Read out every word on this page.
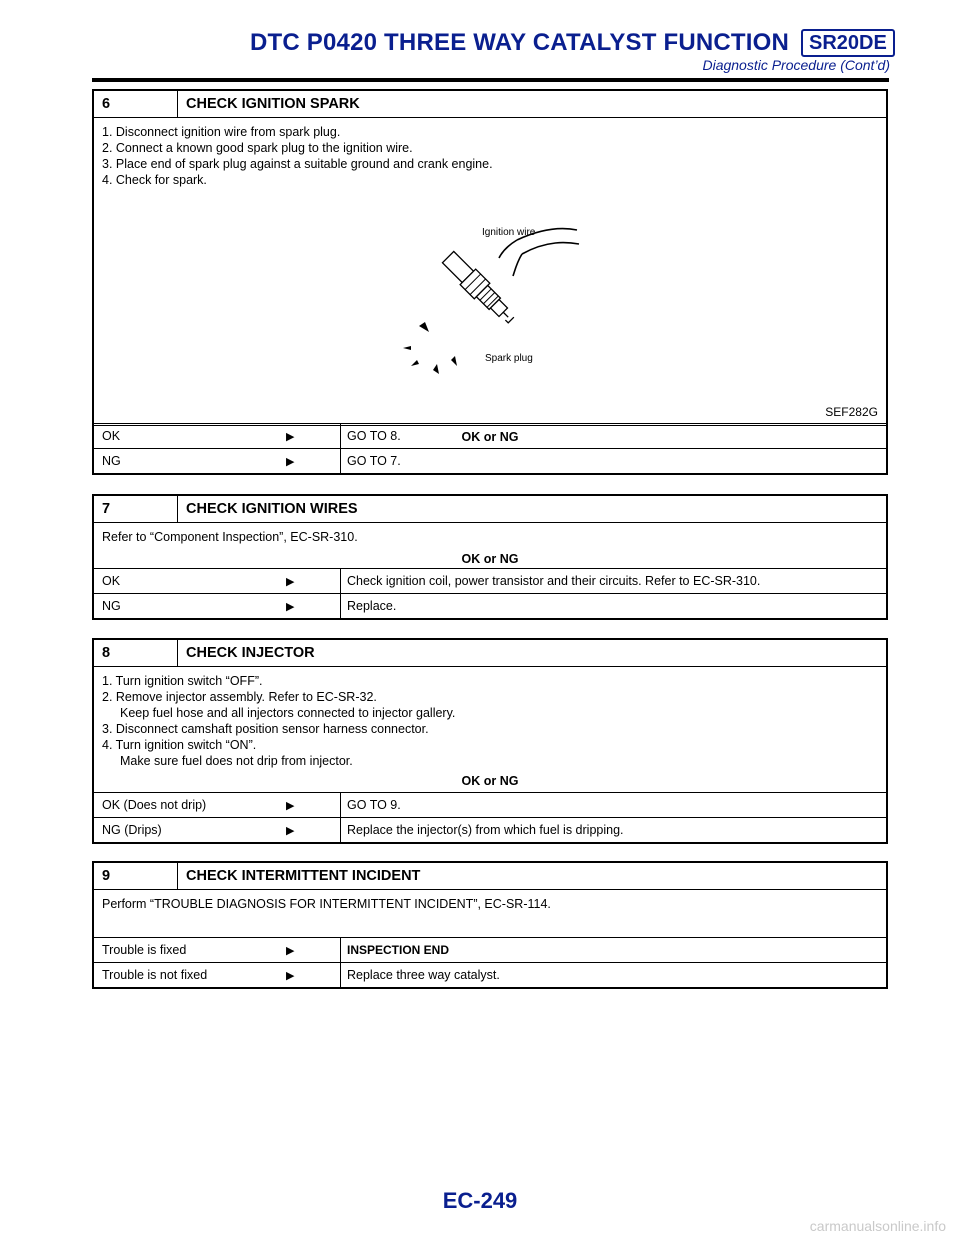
DTC P0420 THREE WAY CATALYST FUNCTION SR20DE
Diagnostic Procedure (Cont’d)
6	CHECK IGNITION SPARK
1. Disconnect ignition wire from spark plug.
2. Connect a known good spark plug to the ignition wire.
3. Place end of spark plug against a suitable ground and crank engine.
4. Check for spark.
Ignition wire
Spark plug
SEF282G
OK or NG
OK	▶	GO TO 8.
NG	▶	GO TO 7.
7	CHECK IGNITION WIRES
Refer to “Component Inspection”, EC-SR-310.
OK or NG
OK	▶	Check ignition coil, power transistor and their circuits. Refer to EC-SR-310.
NG	▶	Replace.
8	CHECK INJECTOR
1. Turn ignition switch “OFF”.
2. Remove injector assembly. Refer to EC-SR-32.
Keep fuel hose and all injectors connected to injector gallery.
3. Disconnect camshaft position sensor harness connector.
4. Turn ignition switch “ON”.
Make sure fuel does not drip from injector.
OK or NG
OK (Does not drip)	▶	GO TO 9.
NG (Drips)	▶	Replace the injector(s) from which fuel is dripping.
9	CHECK INTERMITTENT INCIDENT
Perform “TROUBLE DIAGNOSIS FOR INTERMITTENT INCIDENT”, EC-SR-114.
Trouble is fixed	▶	INSPECTION END
Trouble is not fixed	▶	Replace three way catalyst.
EC-249
carmanualsonline.info
